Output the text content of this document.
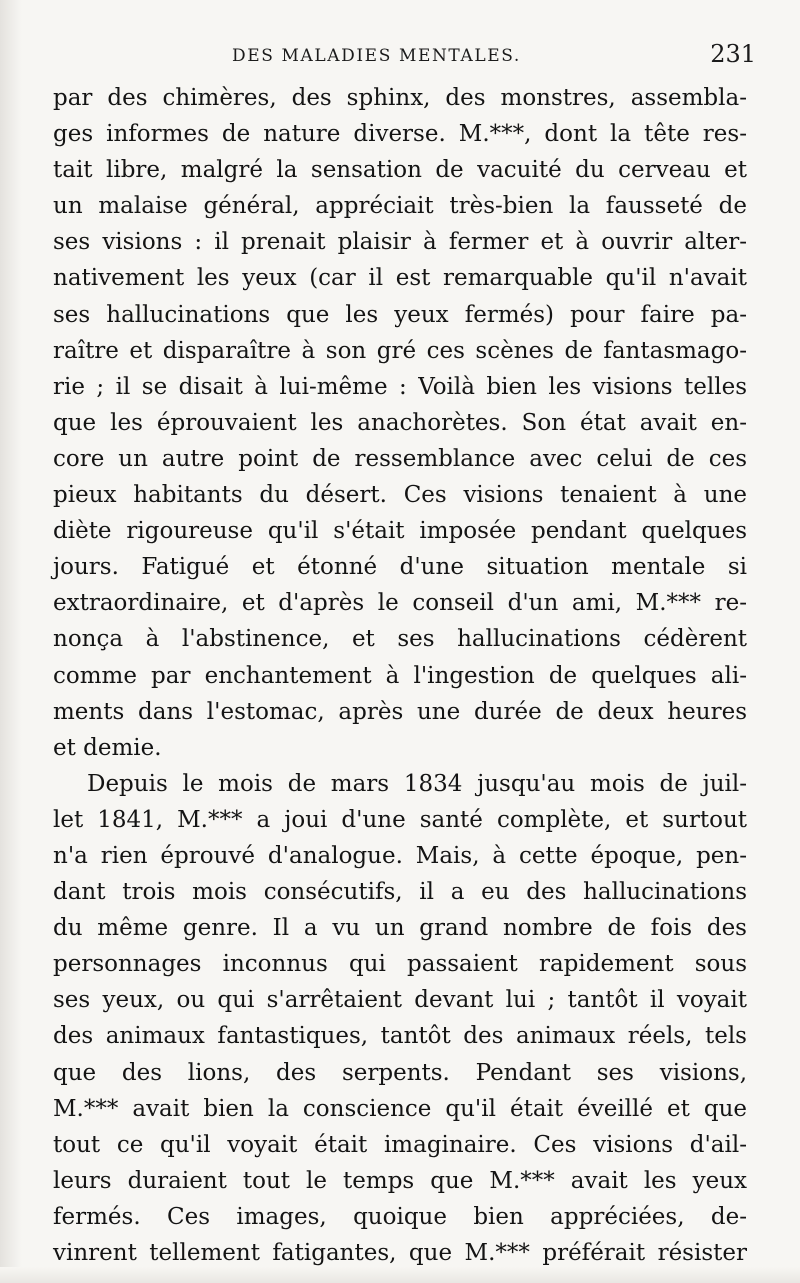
DES MALADIES MENTALES.	231
par des chimères, des sphinx, des monstres, assembla-
ges informes de nature diverse. M.***, dont la tête res-
tait libre, malgré la sensation de vacuité du cerveau et
un malaise général, appréciait très-bien la fausseté de
ses visions : il prenait plaisir à fermer et à ouvrir alter-
nativement les yeux (car il est remarquable qu'il n'avait
ses hallucinations que les yeux fermés) pour faire pa-
raître et disparaître à son gré ces scènes de fantasmago-
rie ; il se disait à lui-même : Voilà bien les visions telles
que les éprouvaient les anachorètes. Son état avait en-
core un autre point de ressemblance avec celui de ces
pieux habitants du désert. Ces visions tenaient à une
diète rigoureuse qu'il s'était imposée pendant quelques
jours. Fatigué et étonné d'une situation mentale si
extraordinaire, et d'après le conseil d'un ami, M.*** re-
nonça à l'abstinence, et ses hallucinations cédèrent
comme par enchantement à l'ingestion de quelques ali-
ments dans l'estomac, après une durée de deux heures
et demie.
Depuis le mois de mars 1834 jusqu'au mois de juil-
let 1841, M.*** a joui d'une santé complète, et surtout
n'a rien éprouvé d'analogue. Mais, à cette époque, pen-
dant trois mois consécutifs, il a eu des hallucinations
du même genre. Il a vu un grand nombre de fois des
personnages inconnus qui passaient rapidement sous
ses yeux, ou qui s'arrêtaient devant lui ; tantôt il voyait
des animaux fantastiques, tantôt des animaux réels, tels
que des lions, des serpents. Pendant ses visions,
M.*** avait bien la conscience qu'il était éveillé et que
tout ce qu'il voyait était imaginaire. Ces visions d'ail-
leurs duraient tout le temps que M.*** avait les yeux
fermés. Ces images, quoique bien appréciées, de-
vinrent tellement fatigantes, que M.*** préférait résister
